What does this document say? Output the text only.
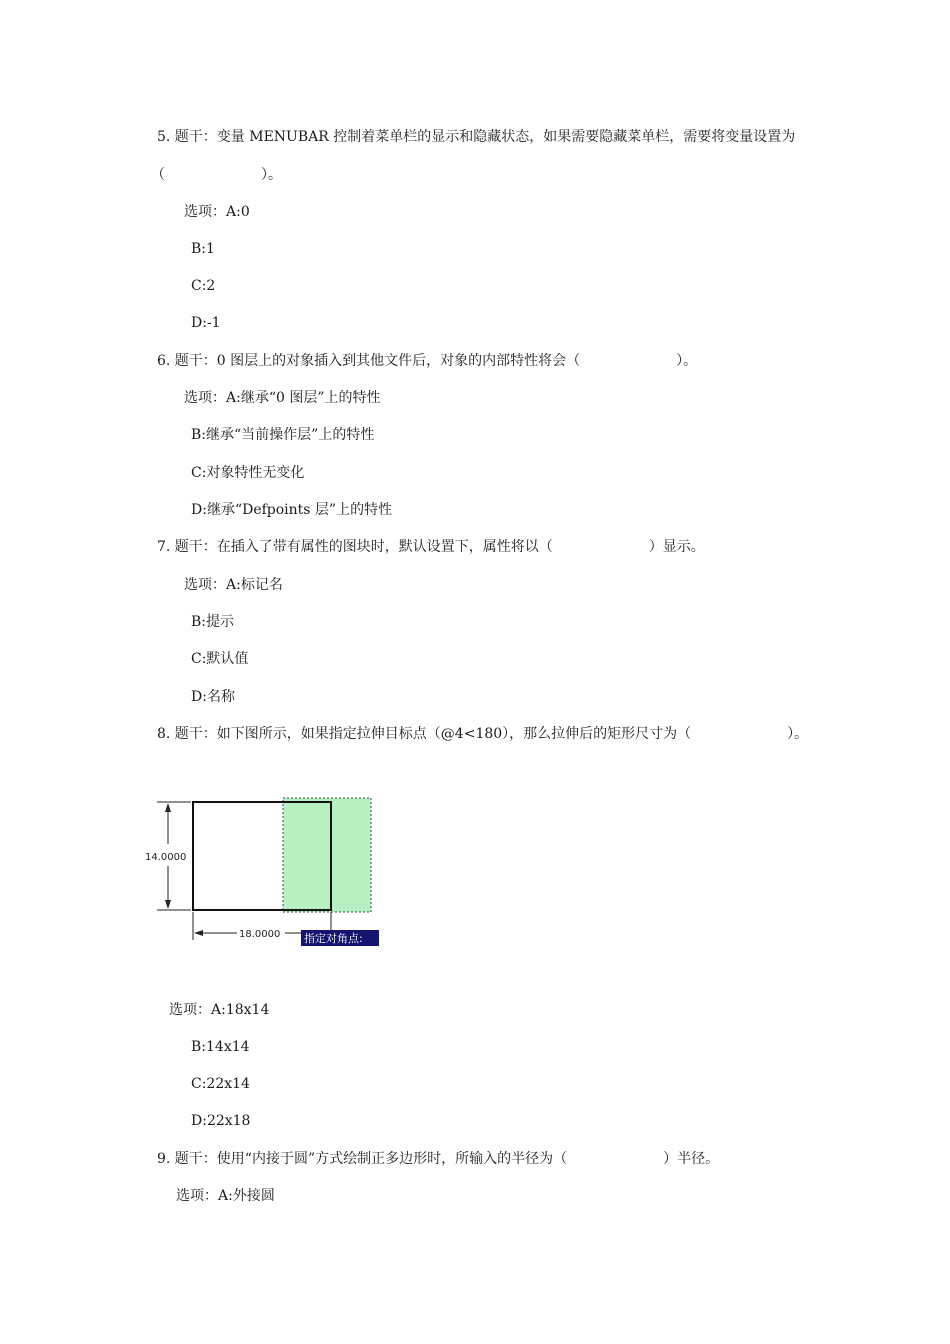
5. 题干：变量 MENUBAR 控制着菜单栏的显示和隐藏状态，如果需要隐藏菜单栏，需要将变量设置为
（	）。
选项：A:0
B:1
C:2
D:-1
6. 题干：0 图层上的对象插入到其他文件后，对象的内部特性将会（	）。
选项：A:继承“0 图层”上的特性
B:继承“当前操作层”上的特性
C:对象特性无变化
D:继承“Defpoints 层”上的特性
7. 题干：在插入了带有属性的图块时，默认设置下，属性将以（	）显示。
选项：A:标记名
B:提示
C:默认值
D:名称
8. 题干：如下图所示，如果指定拉伸目标点（@4<180），那么拉伸后的矩形尺寸为（	）。
14.0000
18.0000 指定对角点:
选项：A:18x14
B:14x14
C:22x14
D:22x18
9. 题干：使用“内接于圆”方式绘制正多边形时，所输入的半径为（	）半径。
选项：A:外接圆
